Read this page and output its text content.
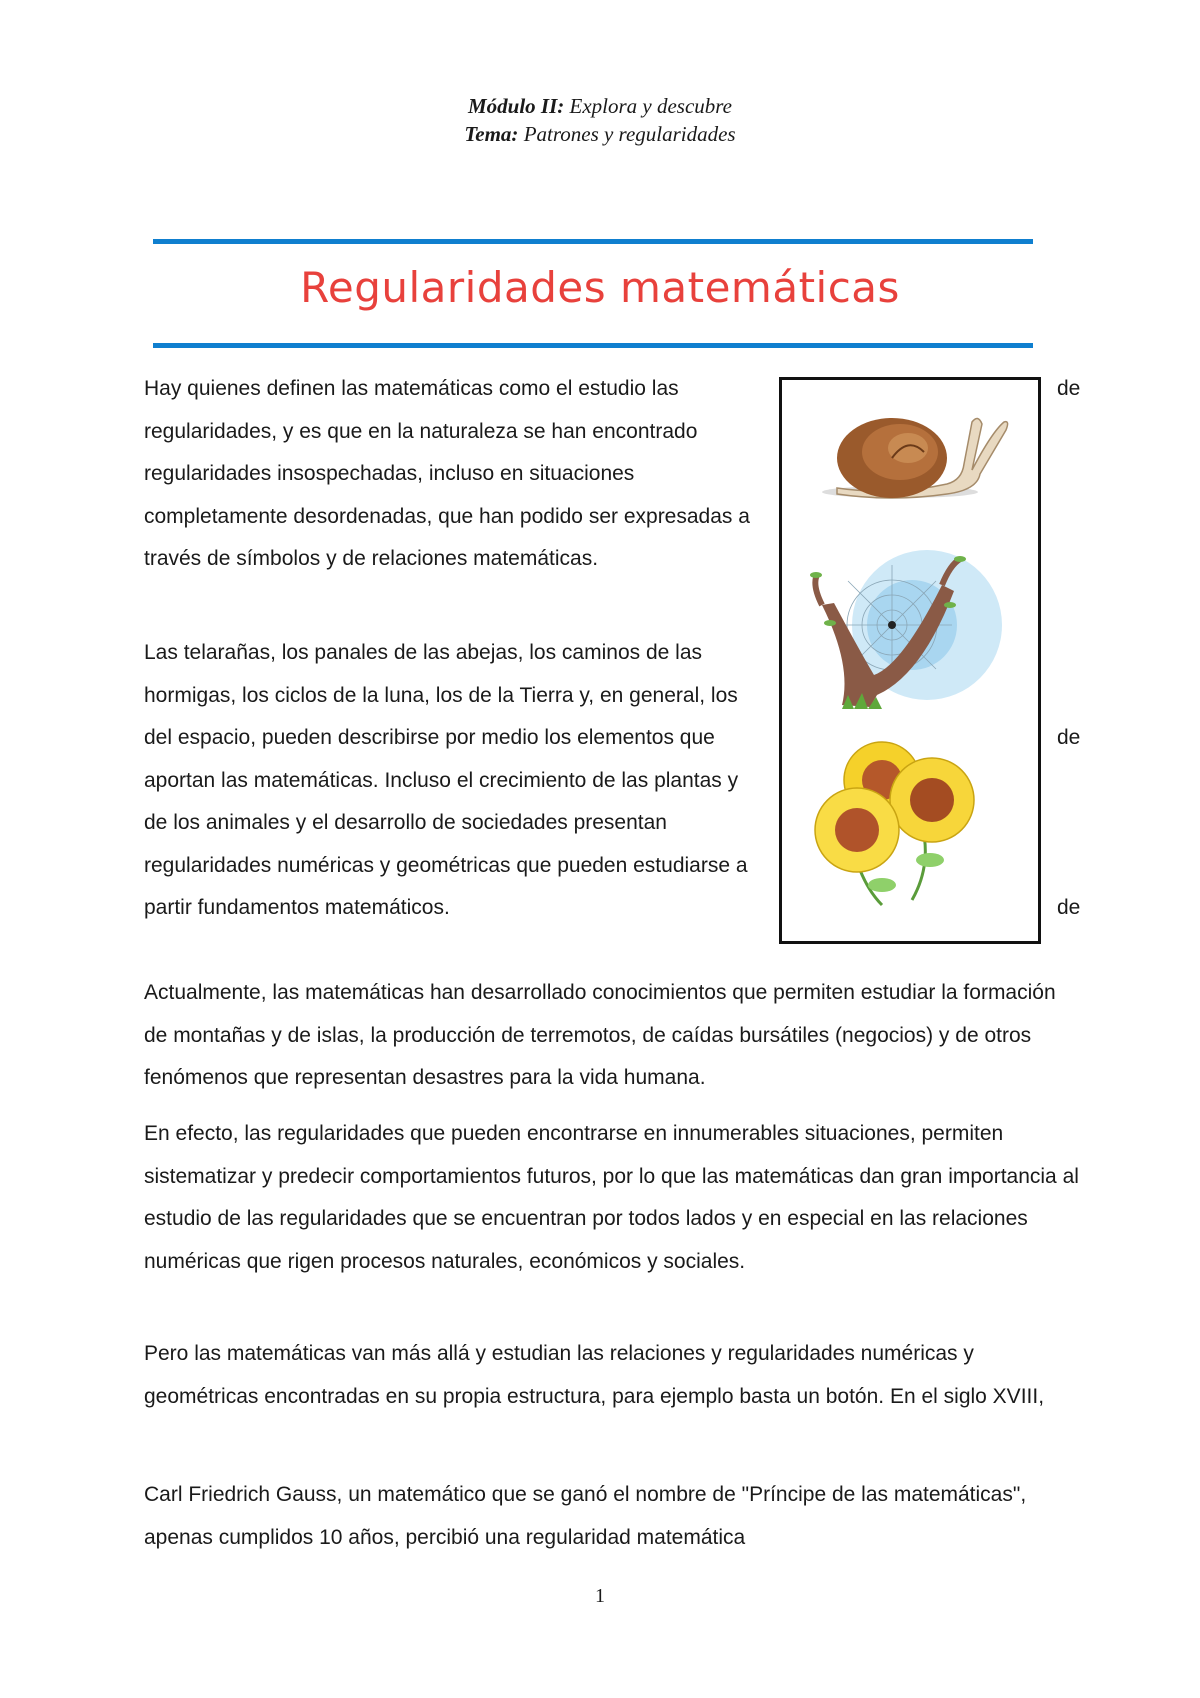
Módulo II: Explora y descubre
Tema: Patrones y regularidades
Regularidades matemáticas

Hay quienes definen las matemáticas como el estudio las regularidades, y es que en la naturaleza se han encontrado regularidades insospechadas, incluso en situaciones completamente desordenadas, que han podido ser expresadas a través de símbolos y de relaciones matemáticas.

de

Las telarañas, los panales de las abejas, los caminos de las hormigas, los ciclos de la luna, los de la Tierra y, en general, los del espacio, pueden describirse por medio los elementos que aportan las matemáticas. Incluso el crecimiento de las plantas y de los animales y el desarrollo de sociedades presentan regularidades numéricas y geométricas que pueden estudiarse a partir fundamentos matemáticos.

de
de

Actualmente, las matemáticas han desarrollado conocimientos que permiten estudiar la formación de montañas y de islas, la producción de terremotos, de caídas bursátiles (negocios) y de otros fenómenos que representan desastres para la vida humana.

En efecto, las regularidades que pueden encontrarse en innumerables situaciones, permiten sistematizar y predecir comportamientos futuros, por lo que las matemáticas dan gran importancia al estudio de las regularidades que se encuentran por todos lados y en especial en las relaciones numéricas que rigen procesos naturales, económicos y sociales.

Pero las matemáticas van más allá y estudian las relaciones y regularidades numéricas y geométricas encontradas en su propia estructura, para ejemplo basta un botón. En el siglo XVIII,

Carl Friedrich Gauss, un matemático que se ganó el nombre de "Príncipe de las matemáticas", apenas cumplidos 10 años, percibió una regularidad matemática

1
